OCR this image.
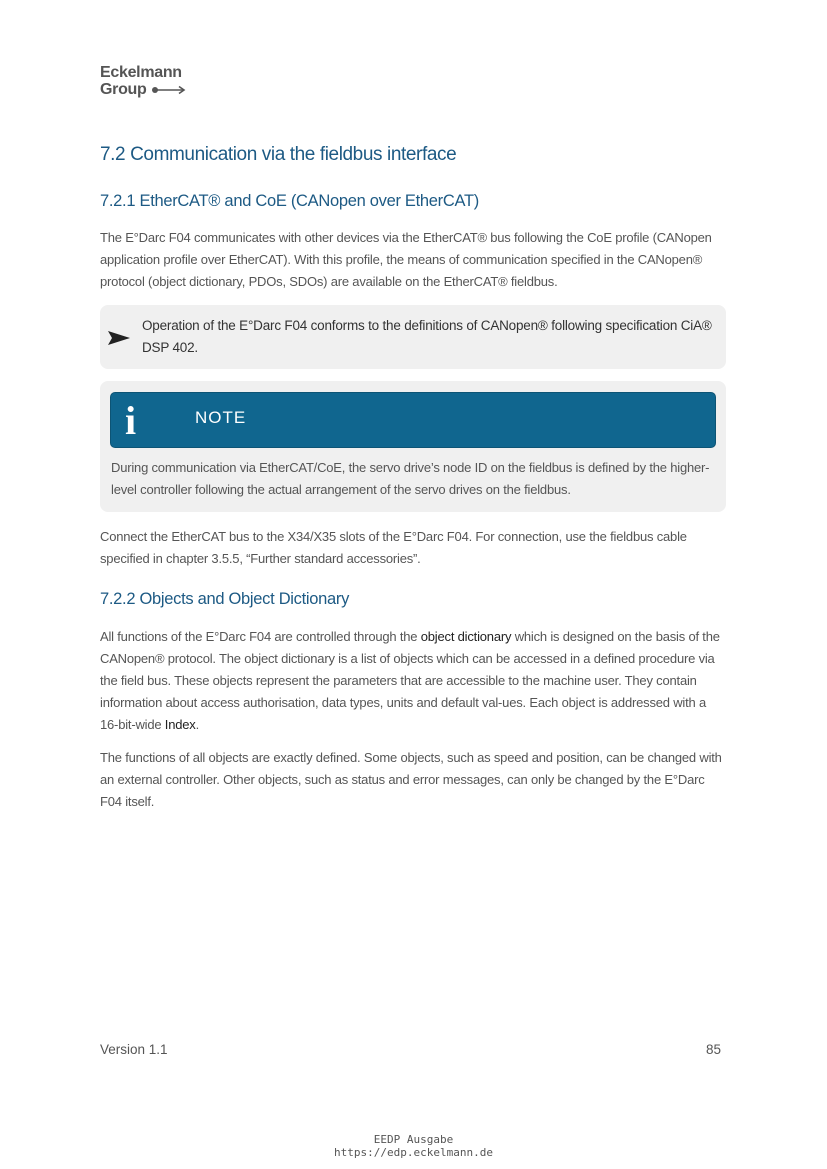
Eckelmann
Group
7.2 Communication via the fieldbus interface
7.2.1 EtherCAT® and CoE (CANopen over EtherCAT)

The E°Darc F04 communicates with other devices via the EtherCAT® bus following the CoE profile (CANopen application profile over EtherCAT). With this profile, the means of communication specified in the CANopen® protocol (object dictionary, PDOs, SDOs) are available on the EtherCAT® fieldbus.

Operation of the E°Darc F04 conforms to the definitions of CANopen® following specification CiA® DSP 402.
i	NOTE
During communication via EtherCAT/CoE, the servo drive’s node ID on the fieldbus is defined by the higher-level controller following the actual arrangement of the servo drives on the fieldbus.

Connect the EtherCAT bus to the X34/X35 slots of the E°Darc F04. For connection, use the fieldbus cable specified in chapter 3.5.5, “Further standard accessories”.

7.2.2 Objects and Object Dictionary

All functions of the E°Darc F04 are controlled through the object dictionary which is designed on the basis of the CANopen® protocol. The object dictionary is a list of objects which can be accessed in a defined procedure via the field bus. These objects represent the parameters that are accessible to the machine user. They contain information about access authorisation, data types, units and default val-ues. Each object is addressed with a 16-bit-wide Index.

The functions of all objects are exactly defined. Some objects, such as speed and position, can be changed with an external controller. Other objects, such as status and error messages, can only be changed by the E°Darc F04 itself.

Version 1.1	85
EEDP Ausgabe
https://edp.eckelmann.de
